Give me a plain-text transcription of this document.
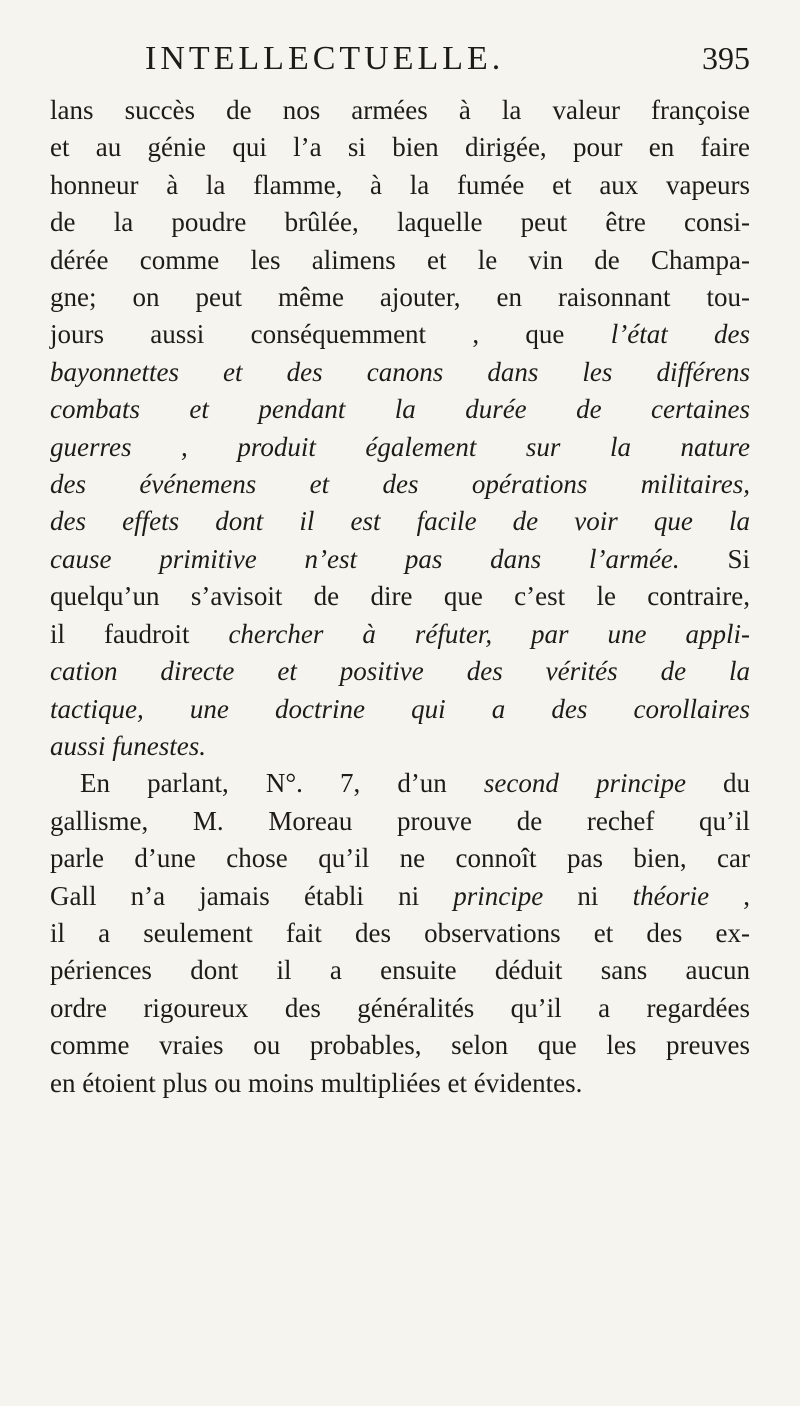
INTELLECTUELLE.	395
lans succès de nos armées à la valeur françoise
et au génie qui l’a si bien dirigée, pour en faire
honneur à la flamme, à la fumée et aux vapeurs
de la poudre brûlée, laquelle peut être consi-
dérée comme les alimens et le vin de Champa-
gne; on peut même ajouter, en raisonnant tou-
jours aussi conséquemment , que l’état des
bayonnettes et des canons dans les différens
combats et pendant la durée de certaines
guerres , produit également sur la nature
des événemens et des opérations militaires,
des effets dont il est facile de voir que la
cause primitive n’est pas dans l’armée. Si
quelqu’un s’avisoit de dire que c’est le contraire,
il faudroit chercher à réfuter, par une appli-
cation directe et positive des vérités de la
tactique, une doctrine qui a des corollaires
aussi funestes.
En parlant, N°. 7, d’un second principe du
gallisme, M. Moreau prouve de rechef qu’il
parle d’une chose qu’il ne connoît pas bien, car
Gall n’a jamais établi ni principe ni théorie ,
il a seulement fait des observations et des ex-
périences dont il a ensuite déduit sans aucun
ordre rigoureux des généralités qu’il a regardées
comme vraies ou probables, selon que les preuves
en étoient plus ou moins multipliées et évidentes.
